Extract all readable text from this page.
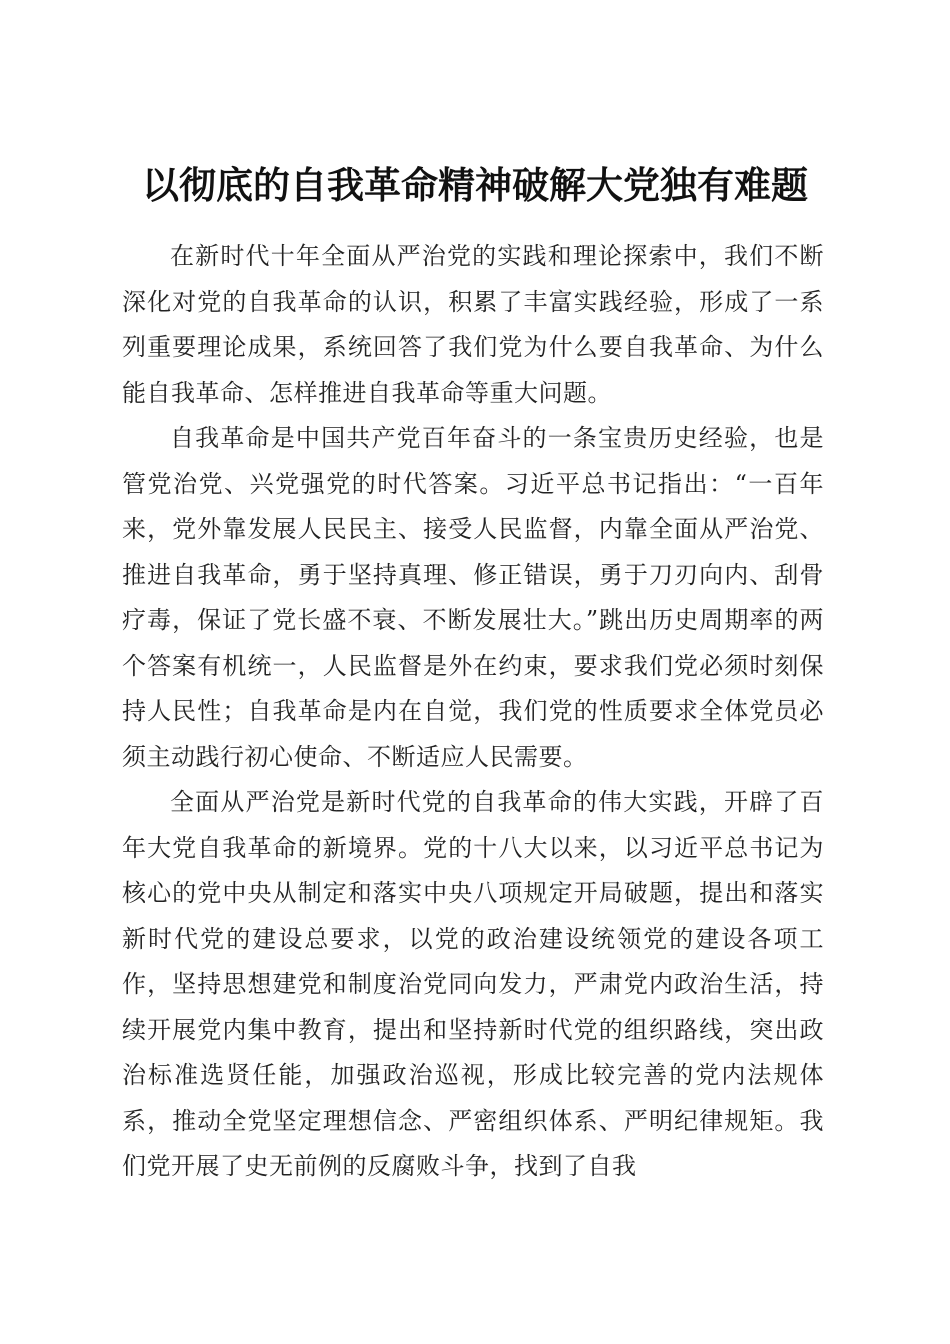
以彻底的自我革命精神破解大党独有难题

在新时代十年全面从严治党的实践和理论探索中，我们不断深化对党的自我革命的认识，积累了丰富实践经验，形成了一系列重要理论成果，系统回答了我们党为什么要自我革命、为什么能自我革命、怎样推进自我革命等重大问题。

自我革命是中国共产党百年奋斗的一条宝贵历史经验，也是管党治党、兴党强党的时代答案。习近平总书记指出：“一百年来，党外靠发展人民民主、接受人民监督，内靠全面从严治党、推进自我革命，勇于坚持真理、修正错误，勇于刀刃向内、刮骨疗毒，保证了党长盛不衰、不断发展壮大。”跳出历史周期率的两个答案有机统一，人民监督是外在约束，要求我们党必须时刻保持人民性；自我革命是内在自觉，我们党的性质要求全体党员必须主动践行初心使命、不断适应人民需要。

全面从严治党是新时代党的自我革命的伟大实践，开辟了百年大党自我革命的新境界。党的十八大以来，以习近平总书记为核心的党中央从制定和落实中央八项规定开局破题，提出和落实新时代党的建设总要求，以党的政治建设统领党的建设各项工作，坚持思想建党和制度治党同向发力，严肃党内政治生活，持续开展党内集中教育，提出和坚持新时代党的组织路线，突出政治标准选贤任能，加强政治巡视，形成比较完善的党内法规体系，推动全党坚定理想信念、严密组织体系、严明纪律规矩。我们党开展了史无前例的反腐败斗争，找到了自我
